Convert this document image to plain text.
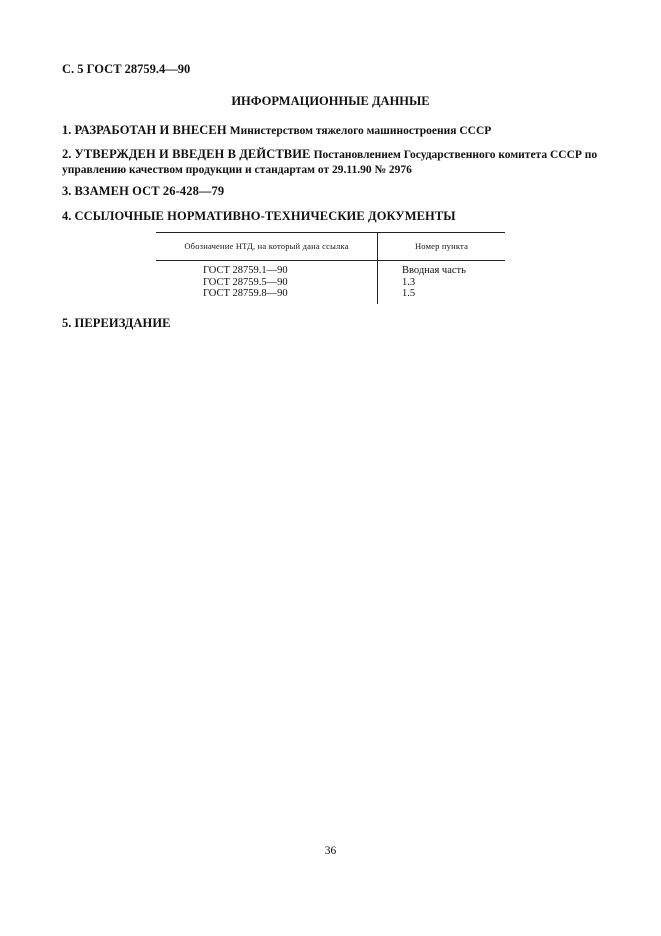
С. 5 ГОСТ 28759.4—90
ИНФОРМАЦИОННЫЕ ДАННЫЕ
1. РАЗРАБОТАН И ВНЕСЕН Министерством тяжелого машиностроения СССР
2. УТВЕРЖДЕН И ВВЕДЕН В ДЕЙСТВИЕ Постановлением Государственного комитета СССР по управлению качеством продукции и стандартам от 29.11.90 № 2976
3. ВЗАМЕН ОСТ 26-428—79
4. ССЫЛОЧНЫЕ НОРМАТИВНО-ТЕХНИЧЕСКИЕ ДОКУМЕНТЫ
Обозначение НТД, на который дана ссылка	Номер пункта
ГОСТ 28759.1—90
ГОСТ 28759.5—90
ГОСТ 28759.8—90
Вводная часть
1.3
1.5
5. ПЕРЕИЗДАНИЕ
36
